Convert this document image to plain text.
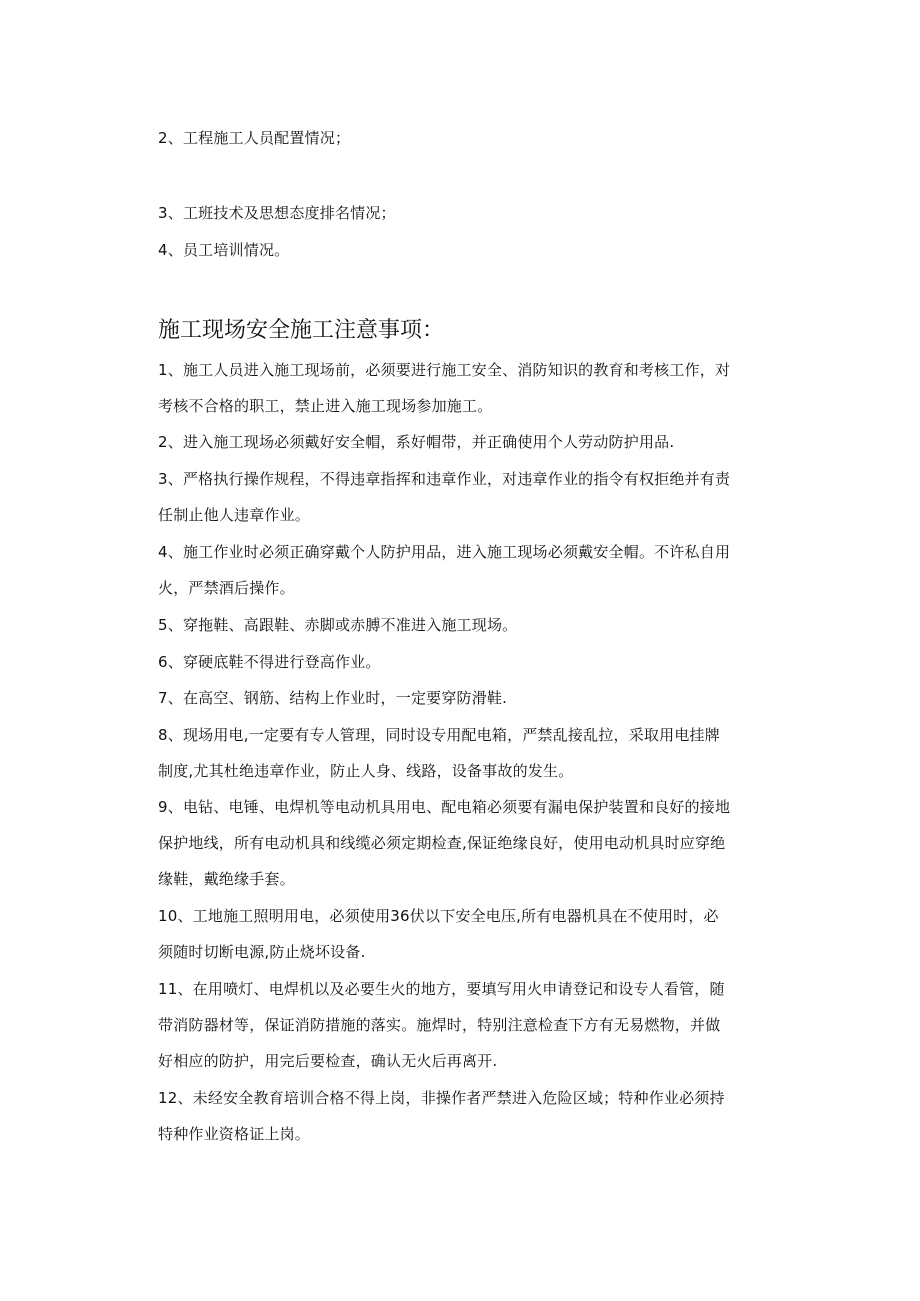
2、工程施工人员配置情况；
3、工班技术及思想态度排名情况；
4、员工培训情况。
施工现场安全施工注意事项：
1、施工人员进入施工现场前，必须要进行施工安全、消防知识的教育和考核工作，对
考核不合格的职工，禁止进入施工现场参加施工。
2、进入施工现场必须戴好安全帽，系好帽带，并正确使用个人劳动防护用品.
3、严格执行操作规程，不得违章指挥和违章作业，对违章作业的指令有权拒绝并有责
任制止他人违章作业。
4、施工作业时必须正确穿戴个人防护用品，进入施工现场必须戴安全帽。不许私自用
火，严禁酒后操作。
5、穿拖鞋、高跟鞋、赤脚或赤膊不准进入施工现场。
6、穿硬底鞋不得进行登高作业。
7、在高空、钢筋、结构上作业时，一定要穿防滑鞋.
8、现场用电,一定要有专人管理，同时设专用配电箱，严禁乱接乱拉，采取用电挂牌
制度,尤其杜绝违章作业，防止人身、线路，设备事故的发生。
9、电钻、电锤、电焊机等电动机具用电、配电箱必须要有漏电保护装置和良好的接地
保护地线，所有电动机具和线缆必须定期检查,保证绝缘良好，使用电动机具时应穿绝
缘鞋，戴绝缘手套。
10、工地施工照明用电，必须使用36伏以下安全电压,所有电器机具在不使用时，必
须随时切断电源,防止烧坏设备.
11、在用喷灯、电焊机以及必要生火的地方，要填写用火申请登记和设专人看管，随
带消防器材等，保证消防措施的落实。施焊时，特别注意检查下方有无易燃物，并做
好相应的防护，用完后要检查，确认无火后再离开.
12、未经安全教育培训合格不得上岗，非操作者严禁进入危险区域；特种作业必须持
特种作业资格证上岗。
